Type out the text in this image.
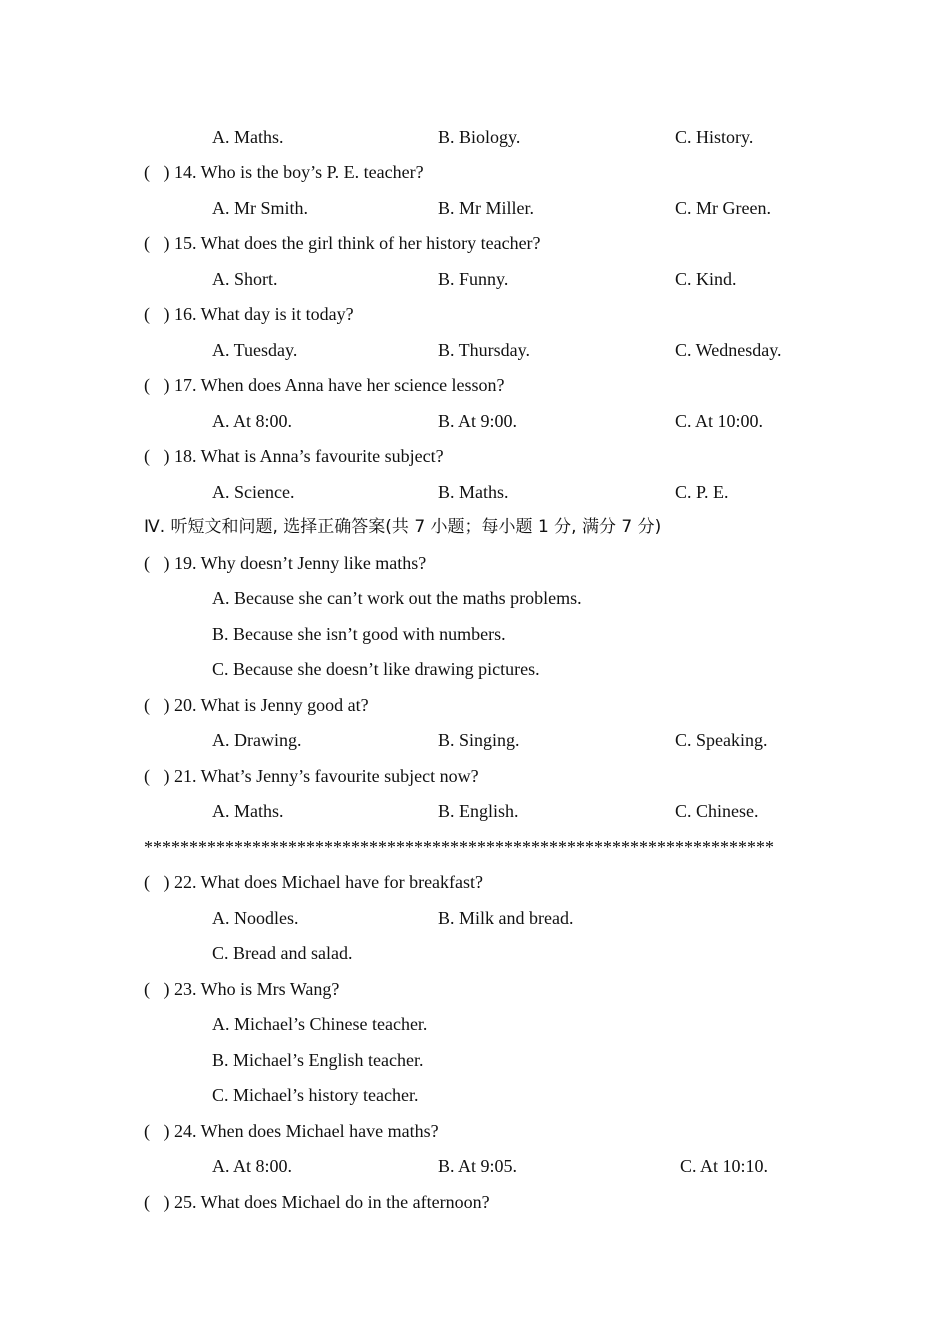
A. Maths.	B. Biology.	C. History.
(   ) 14. Who is the boy’s P. E. teacher?
A. Mr Smith.	B. Mr Miller.	C. Mr Green.
(   ) 15. What does the girl think of her history teacher?
A. Short.	B. Funny.	C. Kind.
(   ) 16. What day is it today?
A. Tuesday.	B. Thursday.	C. Wednesday.
(   ) 17. When does Anna have her science lesson?
A. At 8:00.	B. At 9:00.	C. At 10:00.
(   ) 18. What is Anna’s favourite subject?
A. Science.	B. Maths.	C. P. E.
Ⅳ. 听短文和问题, 选择正确答案(共 7 小题；每小题 1 分, 满分 7 分)
(   ) 19. Why doesn’t Jenny like maths?
A. Because she can’t work out the maths problems.
B. Because she isn’t good with numbers.
C. Because she doesn’t like drawing pictures.
(   ) 20. What is Jenny good at?
A. Drawing.	B. Singing.	C. Speaking.
(   ) 21. What’s Jenny’s favourite subject now?
A. Maths.	B. English.	C. Chinese.
**********************************************************************
(   ) 22. What does Michael have for breakfast?
A. Noodles.	B. Milk and bread.
C. Bread and salad.
(   ) 23. Who is Mrs Wang?
A. Michael’s Chinese teacher.
B. Michael’s English teacher.
C. Michael’s history teacher.
(   ) 24. When does Michael have maths?
A. At 8:00.	B. At 9:05.	C. At 10:10.
(   ) 25. What does Michael do in the afternoon?
